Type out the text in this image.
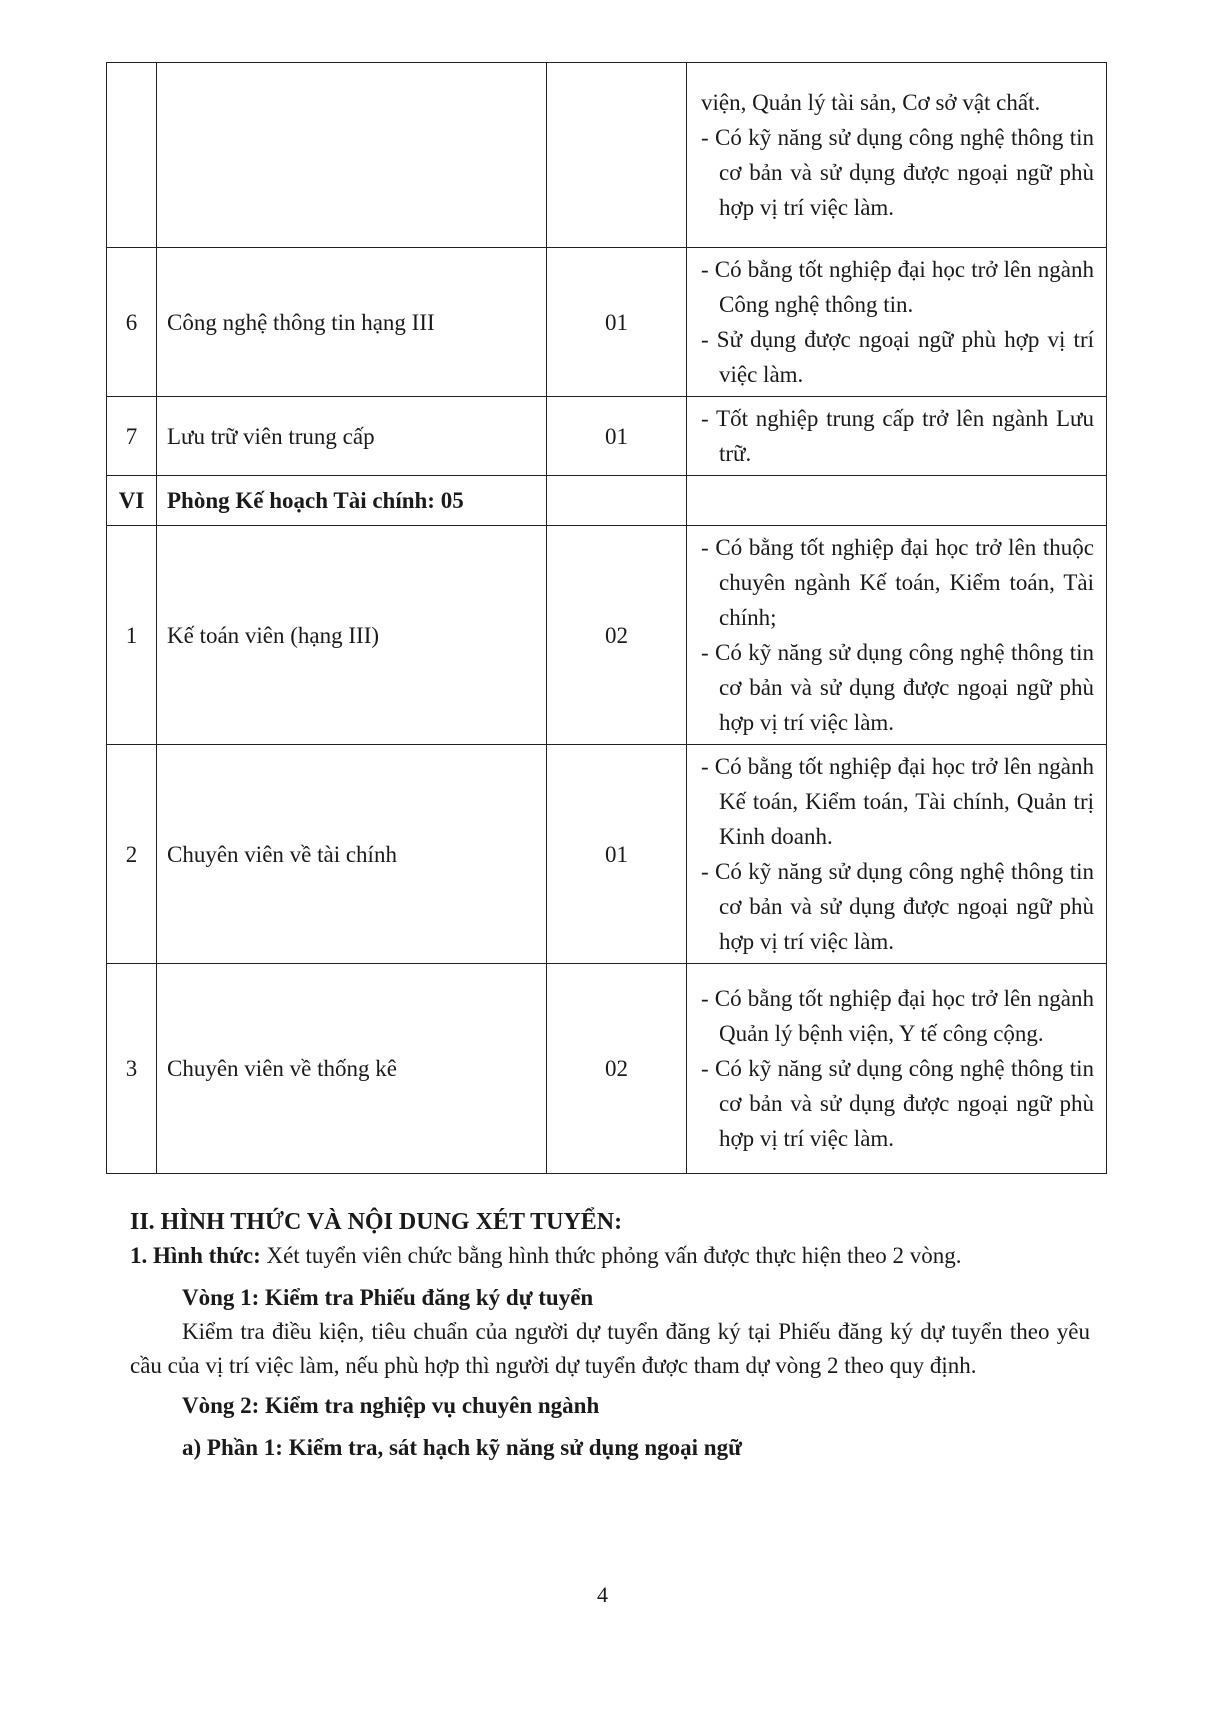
			viện, Quản lý tài sản, Cơ sở vật chất.
- Có kỹ năng sử dụng công nghệ thông tin cơ bản và sử dụng được ngoại ngữ phù hợp vị trí việc làm.

6	Công nghệ thông tin hạng III	01	- Có bằng tốt nghiệp đại học trở lên ngành Công nghệ thông tin.
- Sử dụng được ngoại ngữ phù hợp vị trí việc làm.

7	Lưu trữ viên trung cấp	01	- Tốt nghiệp trung cấp trở lên ngành Lưu trữ.

VI	Phòng Kế hoạch Tài chính: 05		
1	Kế toán viên (hạng III)	02	- Có bằng tốt nghiệp đại học trở lên thuộc chuyên ngành Kế toán, Kiểm toán, Tài chính;
- Có kỹ năng sử dụng công nghệ thông tin cơ bản và sử dụng được ngoại ngữ phù hợp vị trí việc làm.

2	Chuyên viên về tài chính	01	- Có bằng tốt nghiệp đại học trở lên ngành Kế toán, Kiểm toán, Tài chính, Quản trị Kinh doanh.
- Có kỹ năng sử dụng công nghệ thông tin cơ bản và sử dụng được ngoại ngữ phù hợp vị trí việc làm.

3	Chuyên viên về thống kê	02	- Có bằng tốt nghiệp đại học trở lên ngành Quản lý bệnh viện, Y tế công cộng.
- Có kỹ năng sử dụng công nghệ thông tin cơ bản và sử dụng được ngoại ngữ phù hợp vị trí việc làm.
II. HÌNH THỨC VÀ NỘI DUNG XÉT TUYỂN:
1. Hình thức: Xét tuyển viên chức bằng hình thức phỏng vấn được thực hiện theo 2 vòng.
Vòng 1: Kiểm tra Phiếu đăng ký dự tuyển
Kiểm tra điều kiện, tiêu chuẩn của người dự tuyển đăng ký tại Phiếu đăng ký dự tuyển theo yêu cầu của vị trí việc làm, nếu phù hợp thì người dự tuyển được tham dự vòng 2 theo quy định.
Vòng 2: Kiểm tra nghiệp vụ chuyên ngành
a) Phần 1: Kiểm tra, sát hạch kỹ năng sử dụng ngoại ngữ
4
